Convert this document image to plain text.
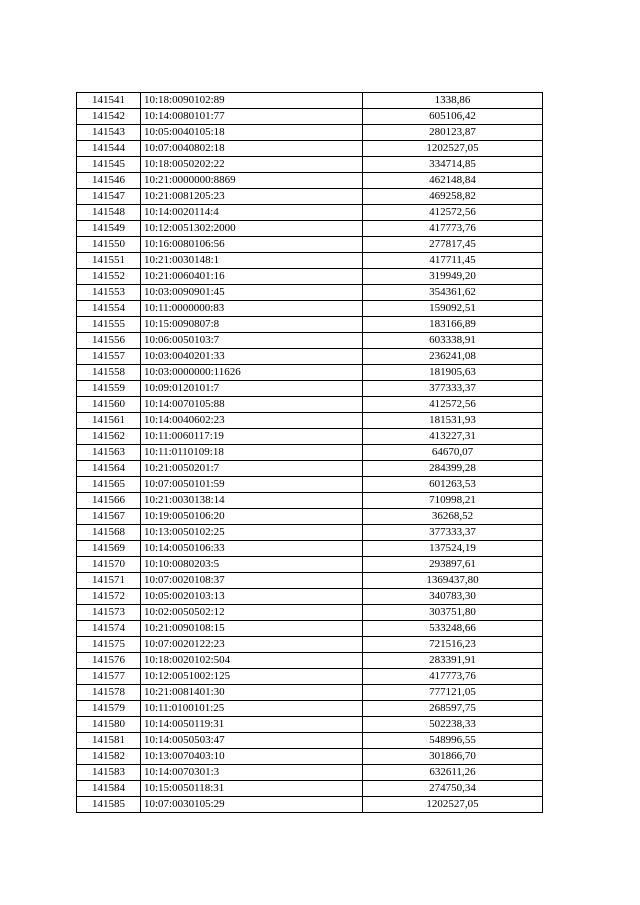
141541	10:18:0090102:89	1338,86
141542	10:14:0080101:77	605106,42
141543	10:05:0040105:18	280123,87
141544	10:07:0040802:18	1202527,05
141545	10:18:0050202:22	334714,85
141546	10:21:0000000:8869	462148,84
141547	10:21:0081205:23	469258,82
141548	10:14:0020114:4	412572,56
141549	10:12:0051302:2000	417773,76
141550	10:16:0080106:56	277817,45
141551	10:21:0030148:1	417711,45
141552	10:21:0060401:16	319949,20
141553	10:03:0090901:45	354361,62
141554	10:11:0000000:83	159092,51
141555	10:15:0090807:8	183166,89
141556	10:06:0050103:7	603338,91
141557	10:03:0040201:33	236241,08
141558	10:03:0000000:11626	181905,63
141559	10:09:0120101:7	377333,37
141560	10:14:0070105:88	412572,56
141561	10:14:0040602:23	181531,93
141562	10:11:0060117:19	413227,31
141563	10:11:0110109:18	64670,07
141564	10:21:0050201:7	284399,28
141565	10:07:0050101:59	601263,53
141566	10:21:0030138:14	710998,21
141567	10:19:0050106:20	36268,52
141568	10:13:0050102:25	377333,37
141569	10:14:0050106:33	137524,19
141570	10:10:0080203:5	293897,61
141571	10:07:0020108:37	1369437,80
141572	10:05:0020103:13	340783,30
141573	10:02:0050502:12	303751,80
141574	10:21:0090108:15	533248,66
141575	10:07:0020122:23	721516,23
141576	10:18:0020102:504	283391,91
141577	10:12:0051002:125	417773,76
141578	10:21:0081401:30	777121,05
141579	10:11:0100101:25	268597,75
141580	10:14:0050119:31	502238,33
141581	10:14:0050503:47	548996,55
141582	10:13:0070403:10	301866,70
141583	10:14:0070301:3	632611,26
141584	10:15:0050118:31	274750,34
141585	10:07:0030105:29	1202527,05
